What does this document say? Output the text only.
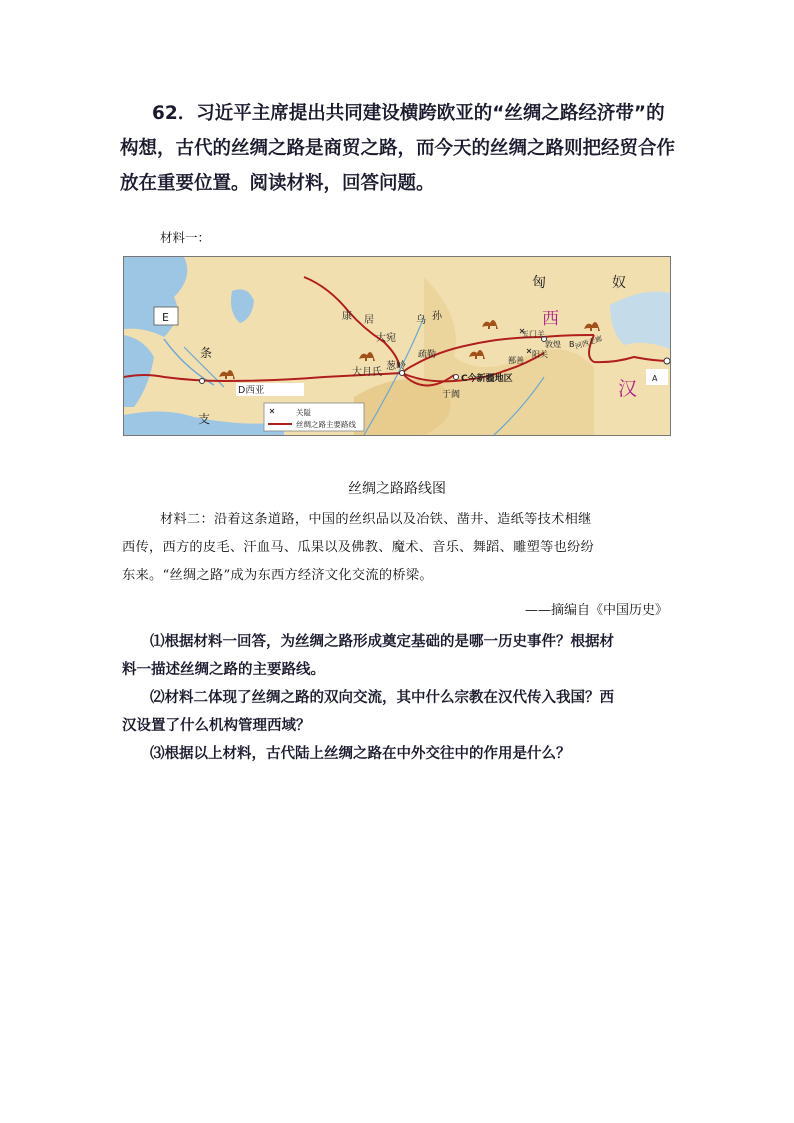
62．习近平主席提出共同建设横跨欧亚的“丝绸之路经济带”的
构想，古代的丝绸之路是商贸之路，而今天的丝绸之路则把经贸合作
放在重要位置。阅读材料，回答问题。
材料一：
匈	奴
西
汉
E
A
条
支
康 居
大宛
乌 孙
玉门关
敦煌 B 河西走廊
阳关
鄯善
疏勒
葱岭
大月氏
D西亚
C今新疆地区
于阗
关隘
丝绸之路主要路线
丝绸之路路线图
材料二：沿着这条道路，中国的丝织品以及冶铁、凿井、造纸等技术相继
西传，西方的皮毛、汗血马、瓜果以及佛教、魔术、音乐、舞蹈、雕塑等也纷纷
东来。“丝绸之路”成为东西方经济文化交流的桥梁。
——摘编自《中国历史》
⑴根据材料一回答，为丝绸之路形成奠定基础的是哪一历史事件？根据材
料一描述丝绸之路的主要路线。
⑵材料二体现了丝绸之路的双向交流，其中什么宗教在汉代传入我国？西
汉设置了什么机构管理西域？
⑶根据以上材料，古代陆上丝绸之路在中外交往中的作用是什么？
